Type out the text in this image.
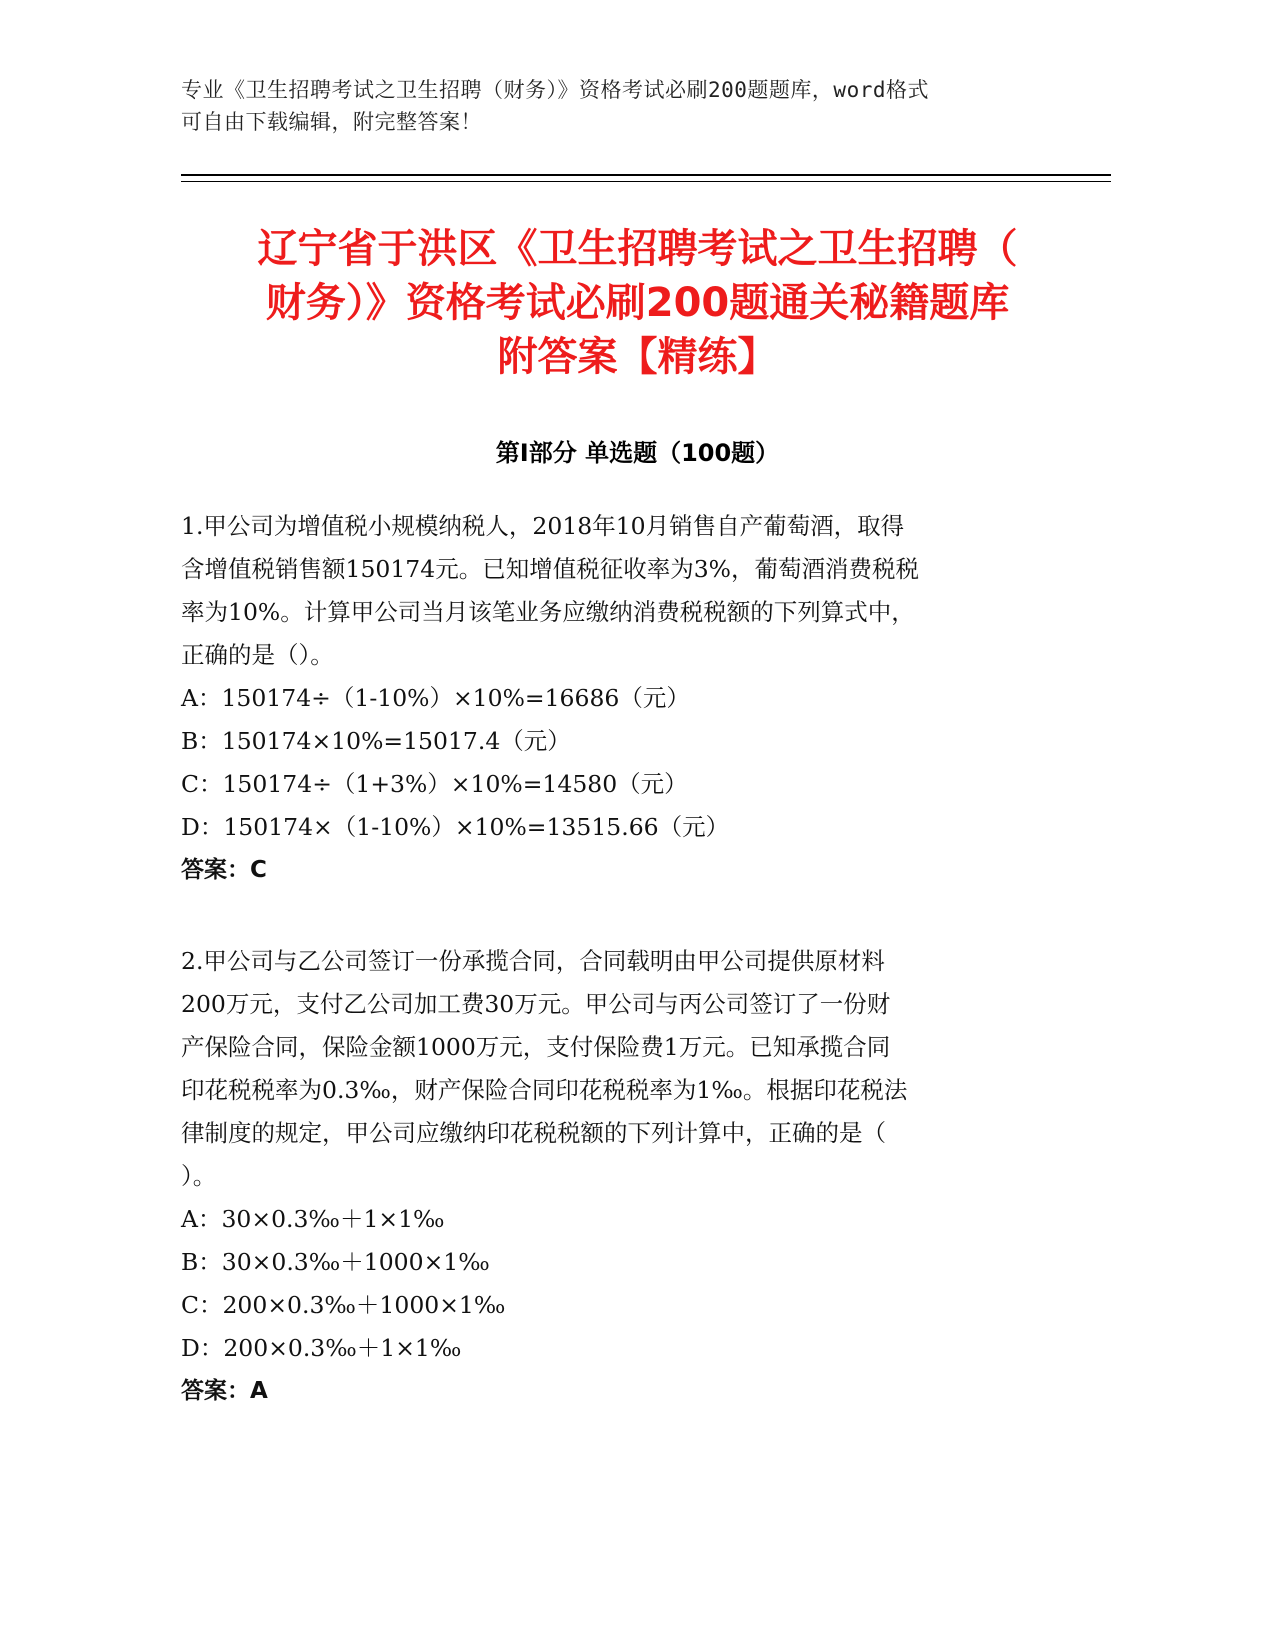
专业《卫生招聘考试之卫生招聘（财务）》资格考试必刷200题题库，word格式
可自由下载编辑，附完整答案！
辽宁省于洪区《卫生招聘考试之卫生招聘（
财务）》资格考试必刷200题通关秘籍题库
附答案【精练】
第Ⅰ部分 单选题（100题）
1.甲公司为增值税小规模纳税人，2018年10月销售自产葡萄酒，取得
含增值税销售额150174元。已知增值税征收率为3%，葡萄酒消费税税
率为10%。计算甲公司当月该笔业务应缴纳消费税税额的下列算式中，
正确的是（）。
A：150174÷（1-10%）×10%=16686（元）
B：150174×10%=15017.4（元）
C：150174÷（1+3%）×10%=14580（元）
D：150174×（1-10%）×10%=13515.66（元）
答案：C
2.甲公司与乙公司签订一份承揽合同，合同载明由甲公司提供原材料
200万元，支付乙公司加工费30万元。甲公司与丙公司签订了一份财
产保险合同，保险金额1000万元，支付保险费1万元。已知承揽合同
印花税税率为0.3‰，财产保险合同印花税税率为1‰。根据印花税法
律制度的规定，甲公司应缴纳印花税税额的下列计算中，正确的是（
）。
A：30×0.3‰＋1×1‰
B：30×0.3‰＋1000×1‰
C：200×0.3‰＋1000×1‰
D：200×0.3‰＋1×1‰
答案：A
